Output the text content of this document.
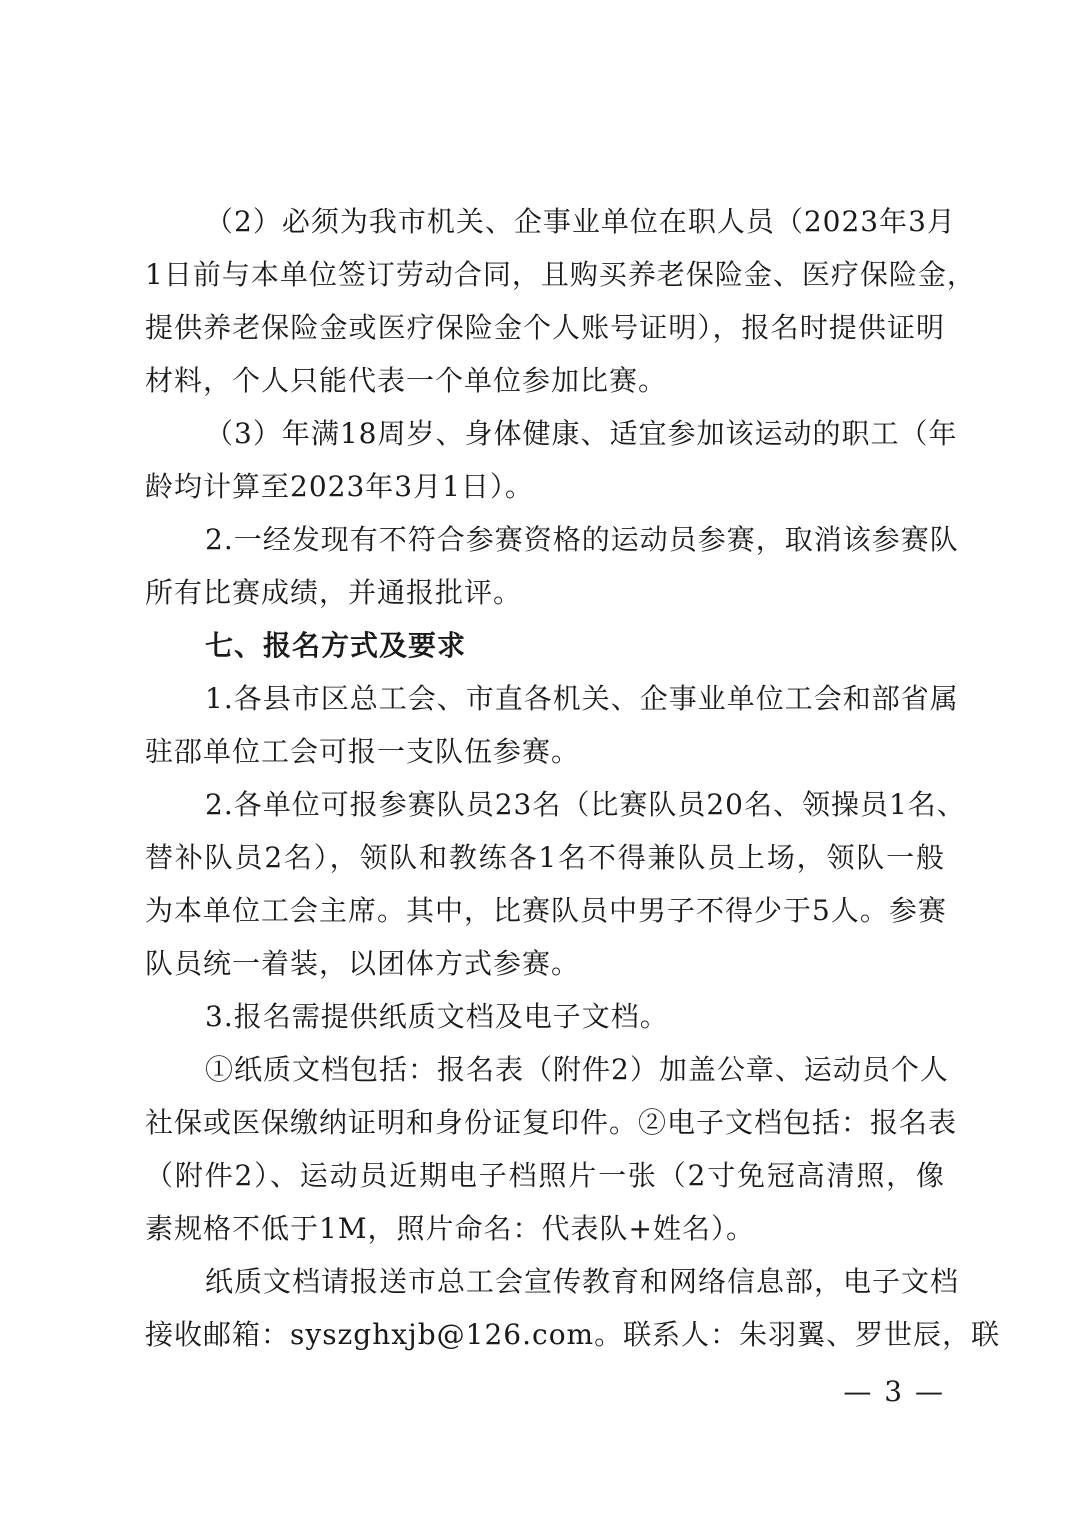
（2）必须为我市机关、企事业单位在职人员（2023年3月
1日前与本单位签订劳动合同，且购买养老保险金、医疗保险金，
提供养老保险金或医疗保险金个人账号证明），报名时提供证明
材料，个人只能代表一个单位参加比赛。
（3）年满18周岁、身体健康、适宜参加该运动的职工（年
龄均计算至2023年3月1日）。
2.一经发现有不符合参赛资格的运动员参赛，取消该参赛队
所有比赛成绩，并通报批评。
七、报名方式及要求
1.各县市区总工会、市直各机关、企事业单位工会和部省属
驻邵单位工会可报一支队伍参赛。
2.各单位可报参赛队员23名（比赛队员20名、领操员1名、
替补队员2名），领队和教练各1名不得兼队员上场，领队一般
为本单位工会主席。其中，比赛队员中男子不得少于5人。参赛
队员统一着装，以团体方式参赛。
3.报名需提供纸质文档及电子文档。
①纸质文档包括：报名表（附件2）加盖公章、运动员个人
社保或医保缴纳证明和身份证复印件。②电子文档包括：报名表
（附件2）、运动员近期电子档照片一张（2寸免冠高清照，像
素规格不低于1M，照片命名：代表队+姓名）。
纸质文档请报送市总工会宣传教育和网络信息部，电子文档
接收邮箱：syszghxjb@126.com。联系人：朱羽翼、罗世辰，联
— 3 —
